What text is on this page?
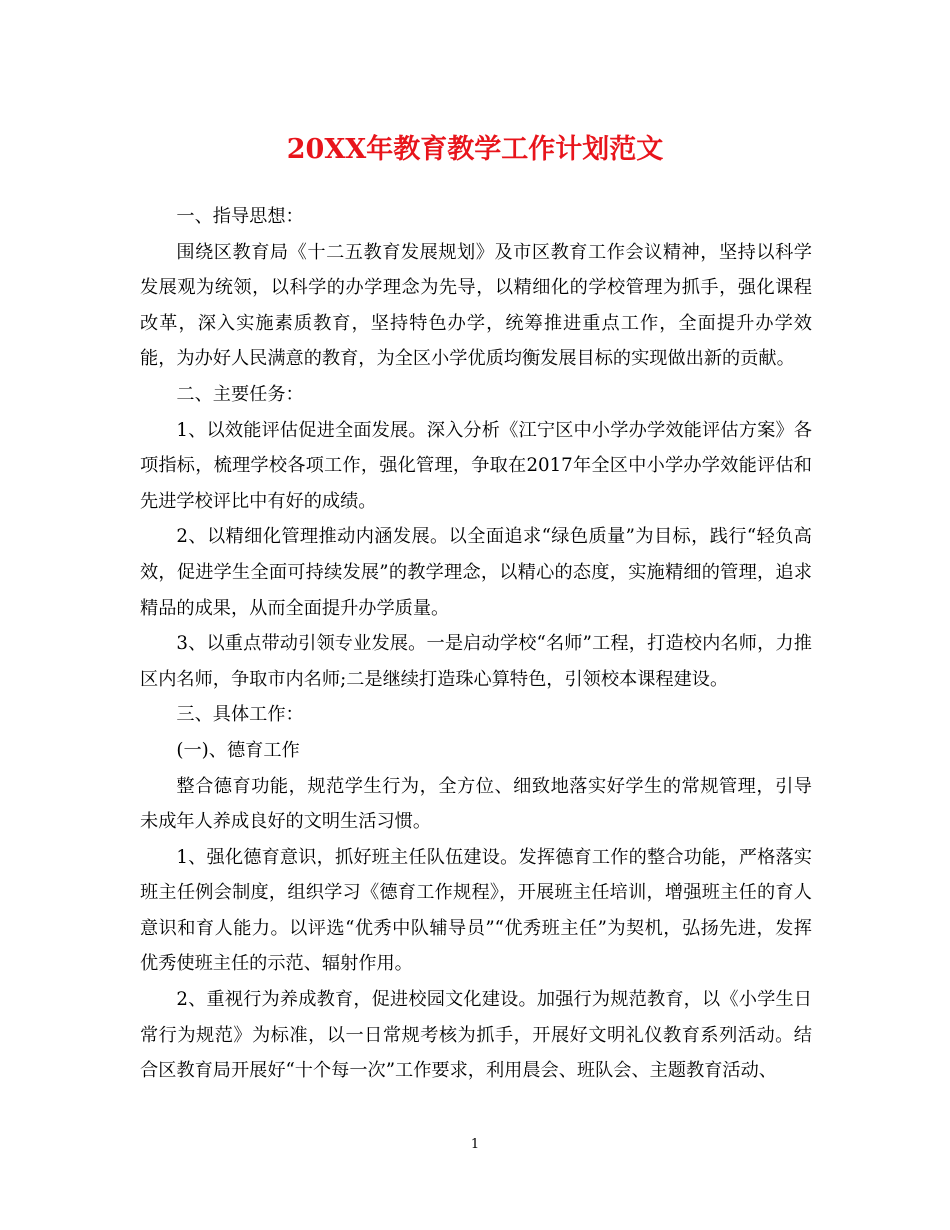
20XX年教育教学工作计划范文

一、指导思想：

围绕区教育局《十二五教育发展规划》及市区教育工作会议精神，坚持以科学发展观为统领，以科学的办学理念为先导，以精细化的学校管理为抓手，强化课程改革，深入实施素质教育，坚持特色办学，统筹推进重点工作，全面提升办学效能，为办好人民满意的教育，为全区小学优质均衡发展目标的实现做出新的贡献。

二、主要任务：

1、以效能评估促进全面发展。深入分析《江宁区中小学办学效能评估方案》各项指标，梳理学校各项工作，强化管理，争取在2017年全区中小学办学效能评估和先进学校评比中有好的成绩。

2、以精细化管理推动内涵发展。以全面追求“绿色质量”为目标，践行“轻负高效，促进学生全面可持续发展”的教学理念，以精心的态度，实施精细的管理，追求精品的成果，从而全面提升办学质量。

3、以重点带动引领专业发展。一是启动学校“名师”工程，打造校内名师，力推区内名师，争取市内名师;二是继续打造珠心算特色，引领校本课程建设。

三、具体工作：

(一)、德育工作

整合德育功能，规范学生行为，全方位、细致地落实好学生的常规管理，引导未成年人养成良好的文明生活习惯。

1、强化德育意识，抓好班主任队伍建设。发挥德育工作的整合功能，严格落实班主任例会制度，组织学习《德育工作规程》，开展班主任培训，增强班主任的育人意识和育人能力。以评选“优秀中队辅导员”“优秀班主任”为契机，弘扬先进，发挥优秀使班主任的示范、辐射作用。

2、重视行为养成教育，促进校园文化建设。加强行为规范教育，以《小学生日常行为规范》为标准，以一日常规考核为抓手，开展好文明礼仪教育系列活动。结合区教育局开展好“十个每一次”工作要求，利用晨会、班队会、主题教育活动、

1
